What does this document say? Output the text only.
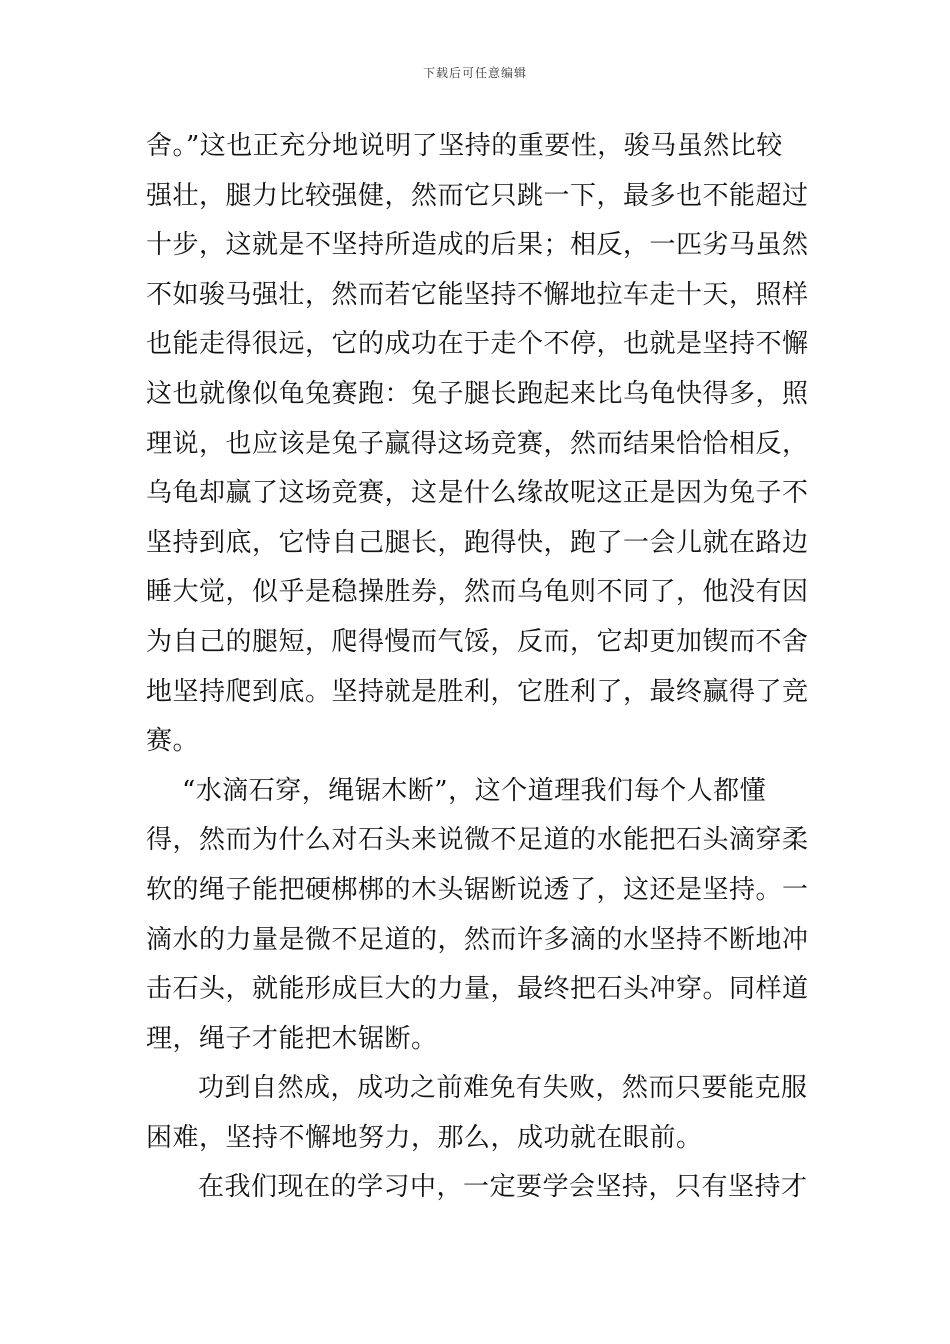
下载后可任意编辑
舍。”这也正充分地说明了坚持的重要性，骏马虽然比较
强壮，腿力比较强健，然而它只跳一下，最多也不能超过
十步，这就是不坚持所造成的后果；相反，一匹劣马虽然
不如骏马强壮，然而若它能坚持不懈地拉车走十天，照样
也能走得很远，它的成功在于走个不停，也就是坚持不懈
这也就像似龟兔赛跑：兔子腿长跑起来比乌龟快得多，照
理说，也应该是兔子赢得这场竞赛，然而结果恰恰相反，
乌龟却赢了这场竞赛，这是什么缘故呢这正是因为兔子不
坚持到底，它恃自己腿长，跑得快，跑了一会儿就在路边
睡大觉，似乎是稳操胜券，然而乌龟则不同了，他没有因
为自己的腿短，爬得慢而气馁，反而，它却更加锲而不舍
地坚持爬到底。坚持就是胜利，它胜利了，最终赢得了竞
赛。
“水滴石穿，绳锯木断”，这个道理我们每个人都懂
得，然而为什么对石头来说微不足道的水能把石头滴穿柔
软的绳子能把硬梆梆的木头锯断说透了，这还是坚持。一
滴水的力量是微不足道的，然而许多滴的水坚持不断地冲
击石头，就能形成巨大的力量，最终把石头冲穿。同样道
理，绳子才能把木锯断。
功到自然成，成功之前难免有失败，然而只要能克服
困难，坚持不懈地努力，那么，成功就在眼前。
在我们现在的学习中，一定要学会坚持，只有坚持才
